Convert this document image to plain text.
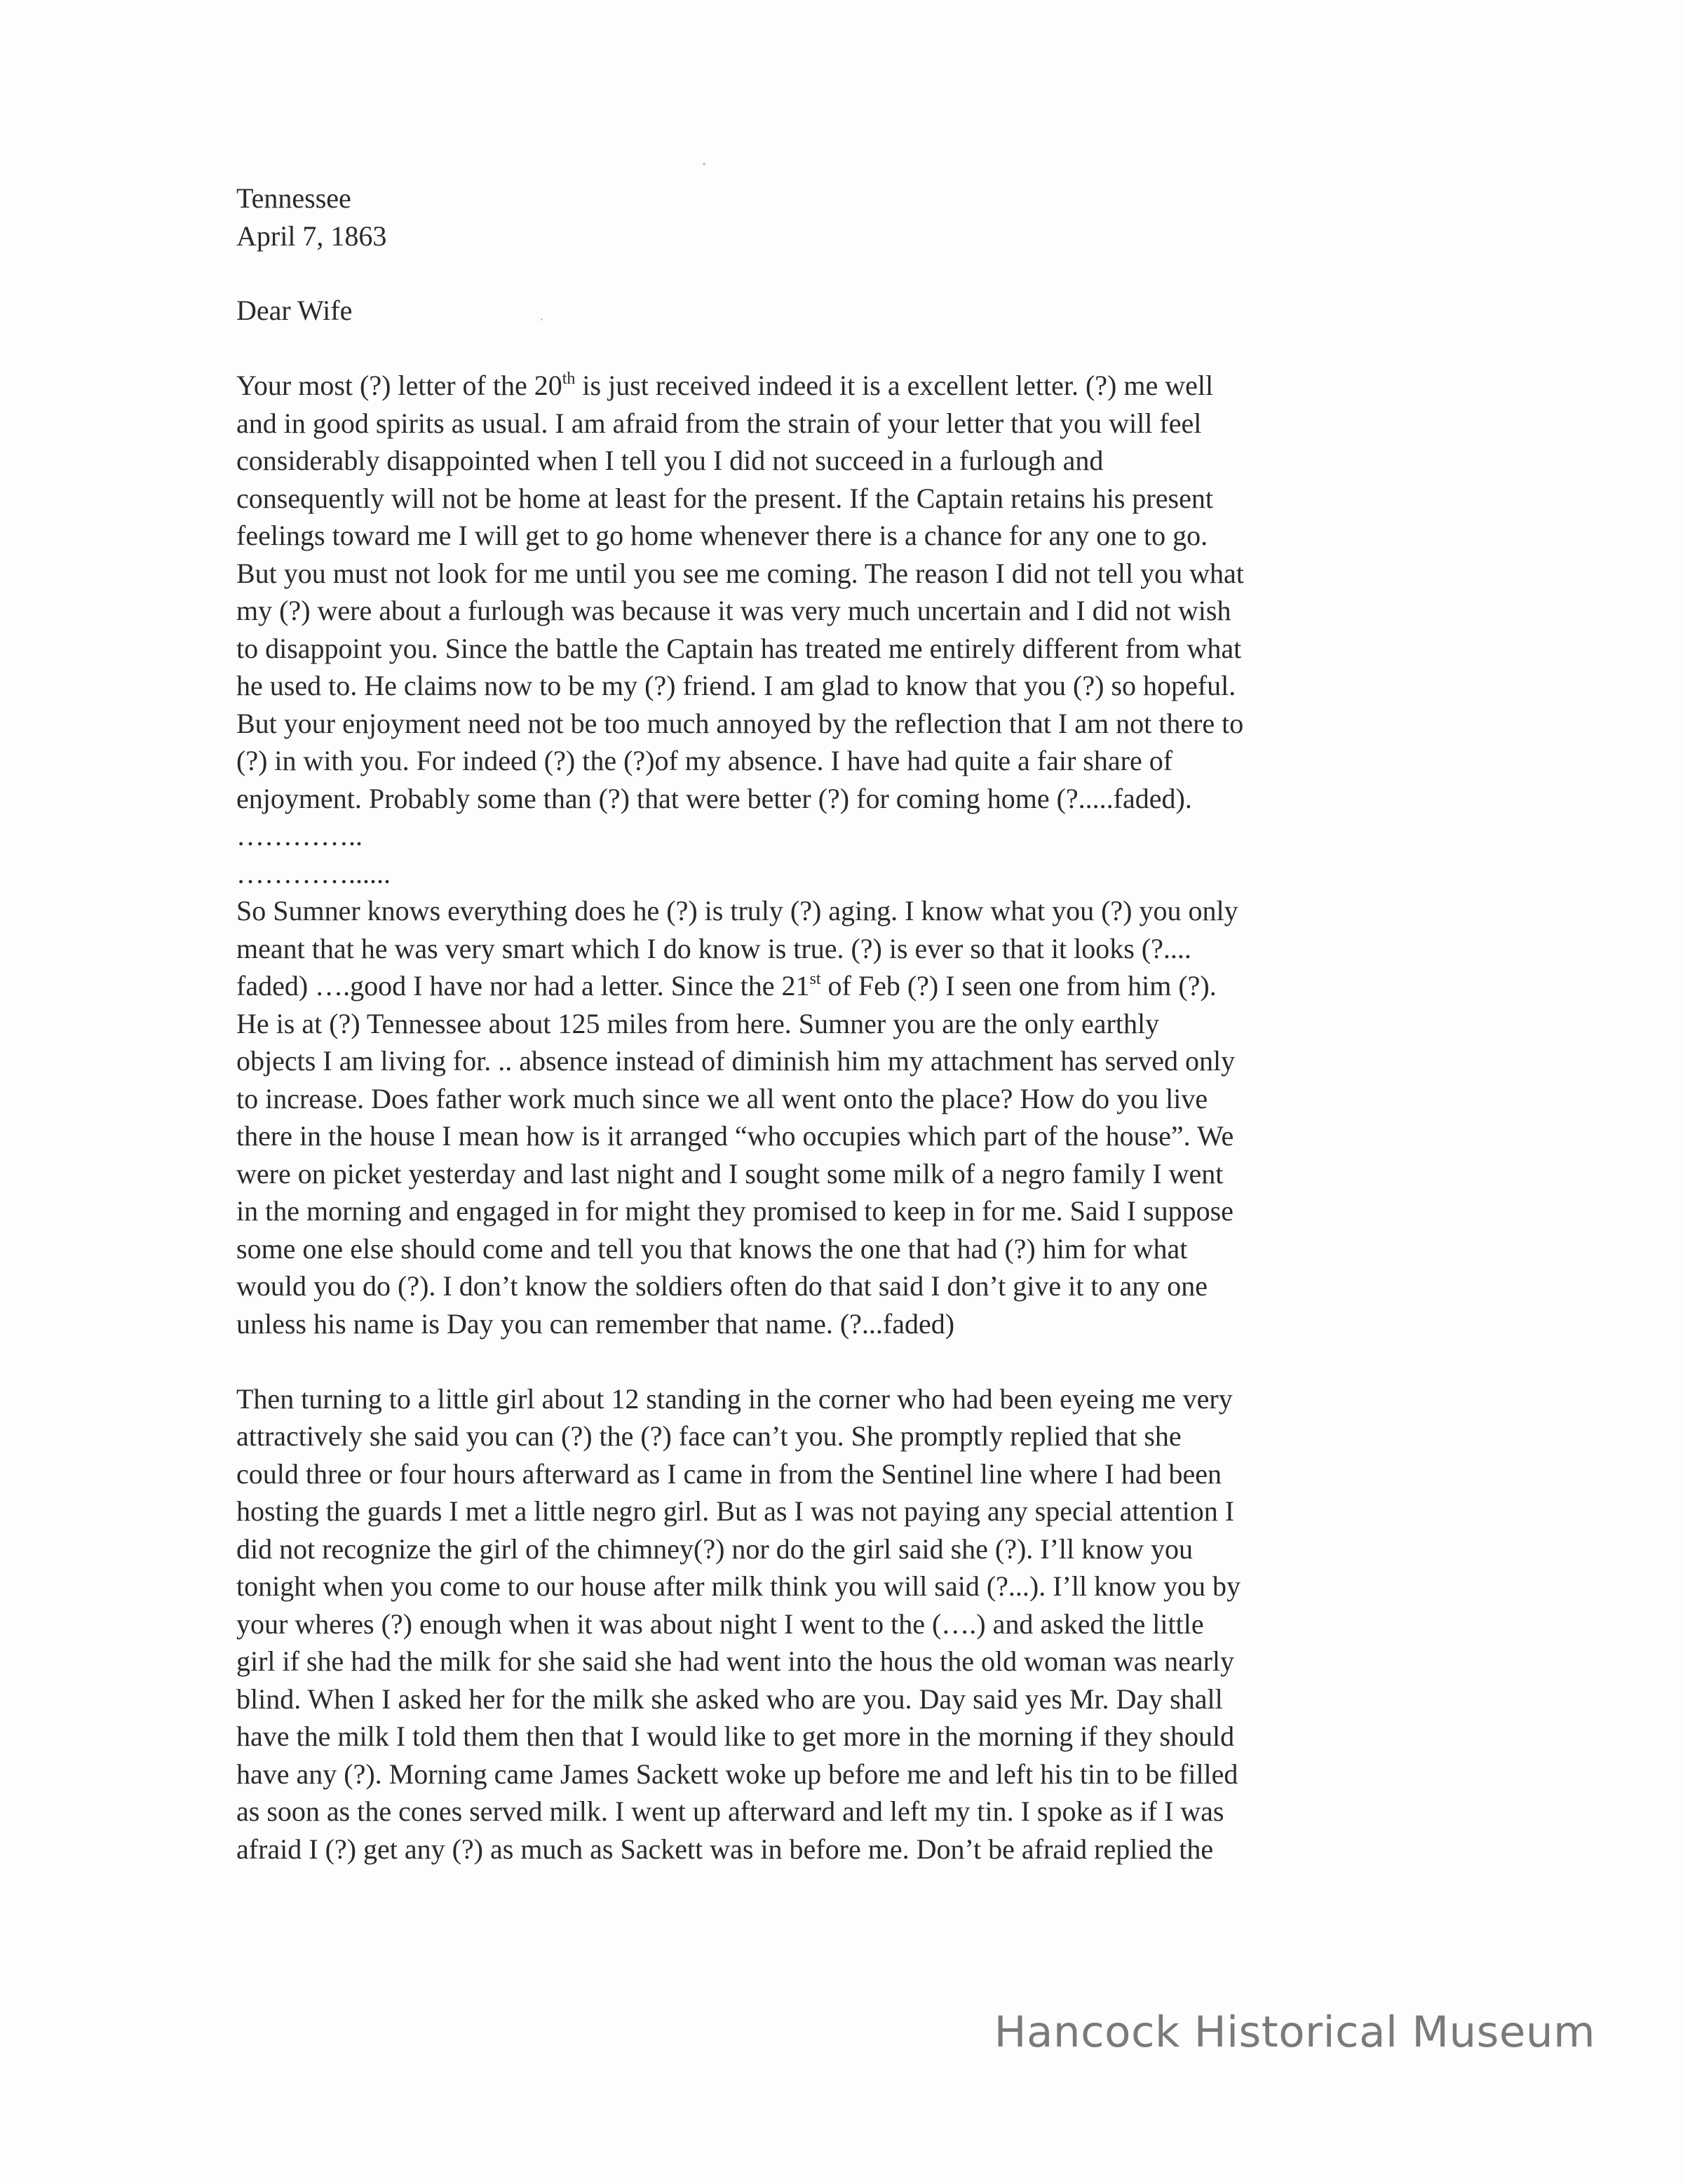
Tennessee
April 7, 1863
Dear Wife
Your most (?) letter of the 20th is just received indeed it is a excellent letter. (?) me well
and in good spirits as usual. I am afraid from the strain of your letter that you will feel
considerably disappointed when I tell you I did not succeed in a furlough and
consequently will not be home at least for the present. If the Captain retains his present
feelings toward me I will get to go home whenever there is a chance for any one to go.
But you must not look for me until you see me coming. The reason I did not tell you what
my (?) were about a furlough was because it was very much uncertain and I did not wish
to disappoint you. Since the battle the Captain has treated me entirely different from what
he used to. He claims now to be my (?) friend. I am glad to know that you (?) so hopeful.
But your enjoyment need not be too much annoyed by the reflection that I am not there to
(?) in with you. For indeed (?) the (?)of my absence. I have had quite a fair share of
enjoyment. Probably some than (?) that were better (?) for coming home (?.....faded).
…………..
…………......
So Sumner knows everything does he (?) is truly (?) aging. I know what you (?) you only
meant that he was very smart which I do know is true. (?) is ever so that it looks (?....
faded) ….good I have nor had a letter. Since the 21st of Feb (?) I seen one from him (?).
He is at (?) Tennessee about 125 miles from here. Sumner you are the only earthly
objects I am living for. .. absence instead of diminish him my attachment has served only
to increase. Does father work much since we all went onto the place? How do you live
there in the house I mean how is it arranged “who occupies which part of the house”. We
were on picket yesterday and last night and I sought some milk of a negro family I went
in the morning and engaged in for might they promised to keep in for me. Said I suppose
some one else should come and tell you that knows the one that had (?) him for what
would you do (?). I don’t know the soldiers often do that said I don’t give it to any one
unless his name is Day you can remember that name. (?...faded)
Then turning to a little girl about 12 standing in the corner who had been eyeing me very
attractively she said you can (?) the (?) face can’t you. She promptly replied that she
could three or four hours afterward as I came in from the Sentinel line where I had been
hosting the guards I met a little negro girl. But as I was not paying any special attention I
did not recognize the girl of the chimney(?) nor do the girl said she (?). I’ll know you
tonight when you come to our house after milk think you will said (?...). I’ll know you by
your wheres (?) enough when it was about night I went to the (….) and asked the little
girl if she had the milk for she said she had went into the hous the old woman was nearly
blind. When I asked her for the milk she asked who are you. Day said yes Mr. Day shall
have the milk I told them then that I would like to get more in the morning if they should
have any (?). Morning came James Sackett woke up before me and left his tin to be filled
as soon as the cones served milk. I went up afterward and left my tin. I spoke as if I was
afraid I (?) get any (?) as much as Sackett was in before me. Don’t be afraid replied the
Hancock Historical Museum
